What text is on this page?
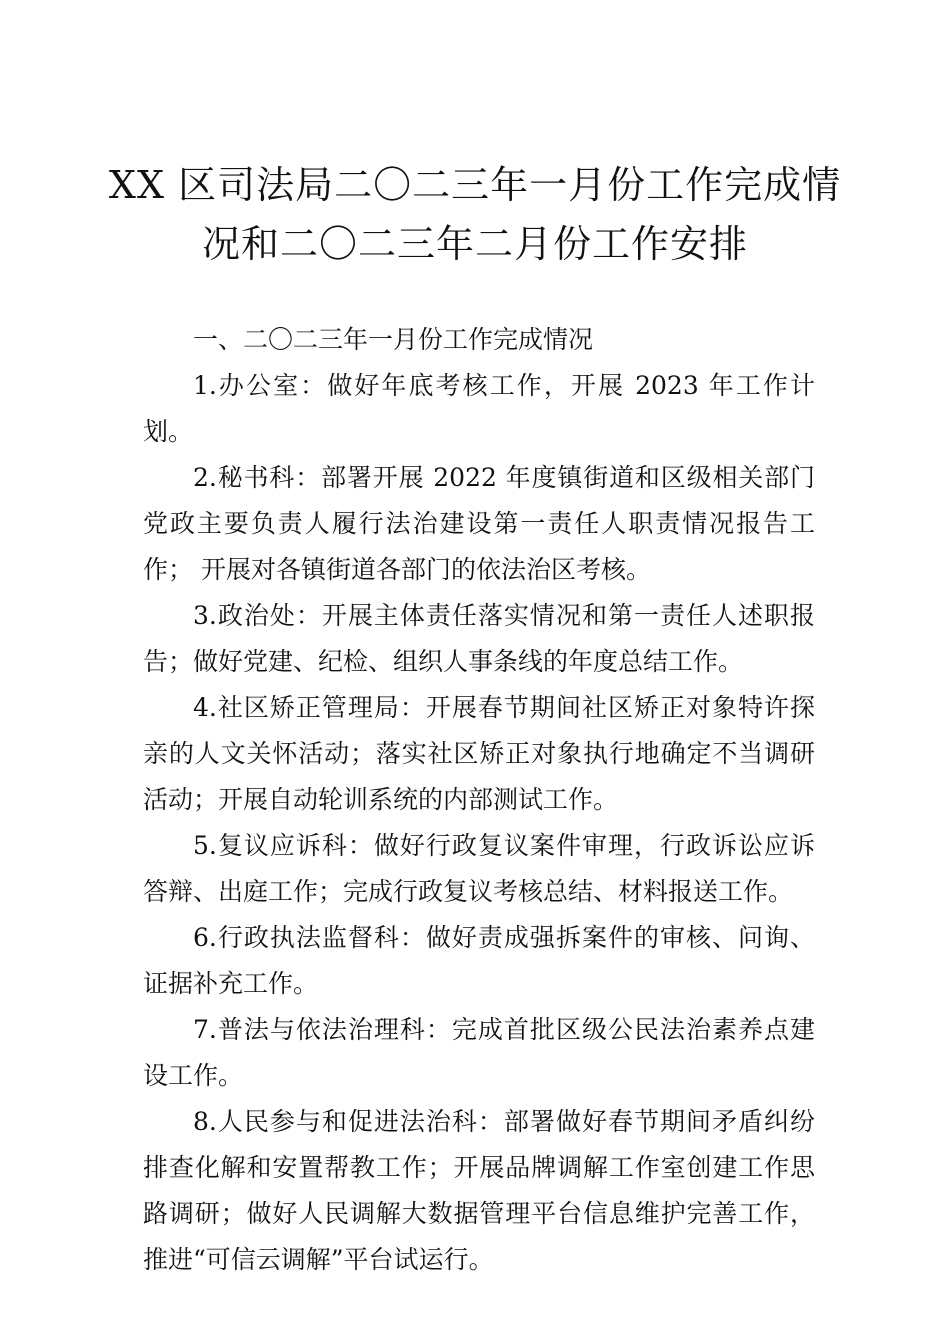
XX 区司法局二〇二三年一月份工作完成情
况和二〇二三年二月份工作安排

一、二〇二三年一月份工作完成情况

1.办公室：做好年底考核工作，开展 2023 年工作计划。

2.秘书科：部署开展 2022 年度镇街道和区级相关部门党政主要负责人履行法治建设第一责任人职责情况报告工作； 开展对各镇街道各部门的依法治区考核。

3.政治处：开展主体责任落实情况和第一责任人述职报告；做好党建、纪检、组织人事条线的年度总结工作。

4.社区矫正管理局：开展春节期间社区矫正对象特许探亲的人文关怀活动；落实社区矫正对象执行地确定不当调研活动；开展自动轮训系统的内部测试工作。

5.复议应诉科：做好行政复议案件审理，行政诉讼应诉答辩、出庭工作；完成行政复议考核总结、材料报送工作。

6.行政执法监督科：做好责成强拆案件的审核、问询、证据补充工作。

7.普法与依法治理科：完成首批区级公民法治素养点建设工作。

8.人民参与和促进法治科：部署做好春节期间矛盾纠纷排查化解和安置帮教工作；开展品牌调解工作室创建工作思路调研；做好人民调解大数据管理平台信息维护完善工作， 推进“可信云调解”平台试运行。
